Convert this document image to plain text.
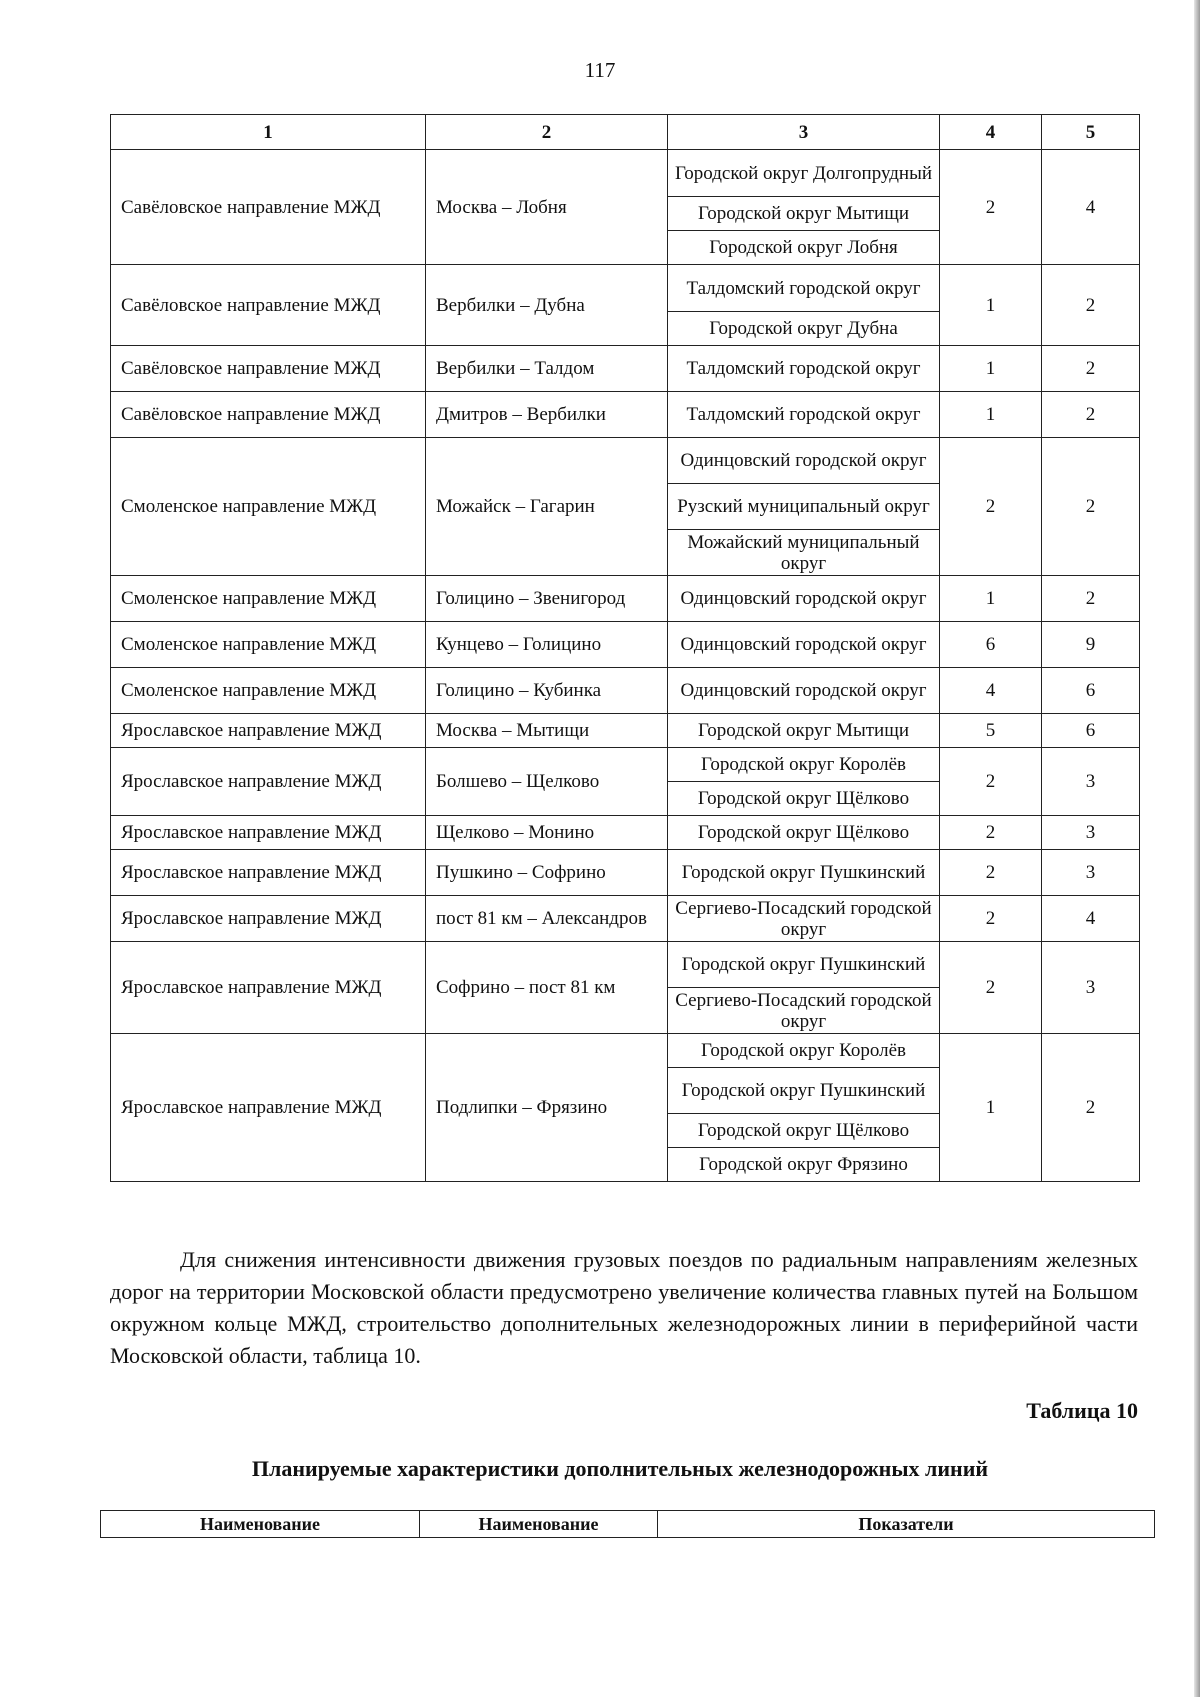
117
1	2	3	4	5
Савёловское направление МЖД	Москва – Лобня	Городской округ Долгопрудный	2	4
		Городской округ Мытищи		
		Городской округ Лобня		
Савёловское направление МЖД	Вербилки – Дубна	Талдомский городской округ	1	2
		Городской округ Дубна		
Савёловское направление МЖД	Вербилки – Талдом	Талдомский городской округ	1	2
Савёловское направление МЖД	Дмитров – Вербилки	Талдомский городской округ	1	2
Смоленское направление МЖД	Можайск – Гагарин	Одинцовский городской округ	2	2
		Рузский муниципальный округ		
		Можайский муниципальный округ		
Смоленское направление МЖД	Голицино – Звенигород	Одинцовский городской округ	1	2
Смоленское направление МЖД	Кунцево – Голицино	Одинцовский городской округ	6	9
Смоленское направление МЖД	Голицино – Кубинка	Одинцовский городской округ	4	6
Ярославское направление МЖД	Москва – Мытищи	Городской округ Мытищи	5	6
Ярославское направление МЖД	Болшево – Щелково	Городской округ Королёв	2	3
		Городской округ Щёлково		
Ярославское направление МЖД	Щелково – Монино	Городской округ Щёлково	2	3
Ярославское направление МЖД	Пушкино – Софрино	Городской округ Пушкинский	2	3
Ярославское направление МЖД	пост 81 км – Александров	Сергиево-Посадский городской округ	2	4
Ярославское направление МЖД	Софрино – пост 81 км	Городской округ Пушкинский	2	3
		Сергиево-Посадский городской округ		
Ярославское направление МЖД	Подлипки – Фрязино	Городской округ Королёв	1	2
		Городской округ Пушкинский		
		Городской округ Щёлково		
		Городской округ Фрязино		

Для снижения интенсивности движения грузовых поездов по радиальным направлениям железных дорог на территории Московской области предусмотрено увеличение количества главных путей на Большом окружном кольце МЖД, строительство дополнительных железнодорожных линии в периферийной части Московской области, таблица 10.

Таблица 10
Планируемые характеристики дополнительных железнодорожных линий
Наименование	Наименование	Показатели
